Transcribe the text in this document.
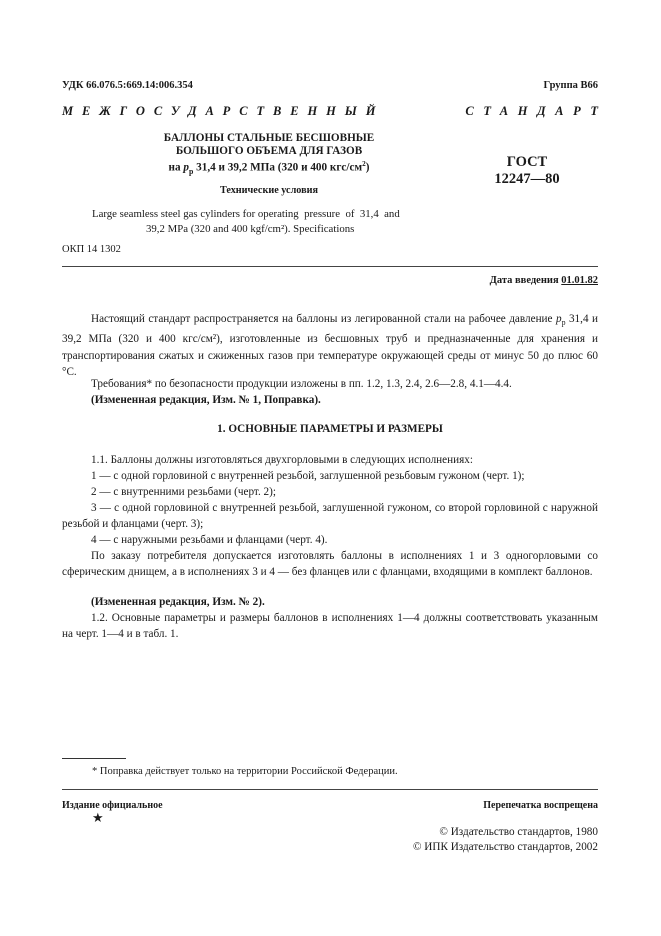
УДК 66.076.5:669.14:006.354	Группа В66
МЕЖГОСУДАРСТВЕННЫЙ	СТАНДАРТ
БАЛЛОНЫ СТАЛЬНЫЕ БЕСШОВНЫЕ
БОЛЬШОГО ОБЪЕМА ДЛЯ ГАЗОВ
на $p_р$ 31,4 и 39,2 МПа (320 и 400 кгс/$см^2$)
Технические условия
ГОСТ
12247—80
Large seamless steel gas cylinders for operating  pressure  of  31,4  and
39,2 MPa (320 and 400 kgf/cm²). Specifications
ОКП 14 1302
Дата введения 01.01.82
Настоящий стандарт распространяется на баллоны из легированной стали на рабочее давление $p_р$ 31,4 и 39,2 МПа (320 и 400 кгс/см²), изготовленные из бесшовных труб и предназначенные для хранения и транспортирования сжатых и сжиженных газов при температуре окружающей среды от минус 50 до плюс 60 °С.
Требования* по безопасности продукции изложены в пп. 1.2, 1.3, 2.4, 2.6—2.8, 4.1—4.4.
(Измененная редакция, Изм. № 1, Поправка).
1. ОСНОВНЫЕ ПАРАМЕТРЫ И РАЗМЕРЫ
1.1. Баллоны должны изготовляться двухгорловыми в следующих исполнениях:
1 — с одной горловиной с внутренней резьбой, заглушенной резьбовым гужоном (черт. 1);
2 — с внутренними резьбами (черт. 2);
3 — с одной горловиной с внутренней резьбой, заглушенной гужоном, со второй горловиной с наружной резьбой и фланцами (черт. 3);
4 — с наружными резьбами и фланцами (черт. 4).
По заказу потребителя допускается изготовлять баллоны в исполнениях 1 и 3 одногорловыми со сферическим днищем, а в исполнениях 3 и 4 — без фланцев или с фланцами, входящими в комплект баллонов.
(Измененная редакция, Изм. № 2).
1.2. Основные параметры и размеры баллонов в исполнениях 1—4 должны соответствовать указанным на черт. 1—4 и в табл. 1.
* Поправка действует только на территории Российской Федерации.
Издание официальное	Перепечатка воспрещена
★
© Издательство стандартов, 1980
© ИПК Издательство стандартов, 2002
